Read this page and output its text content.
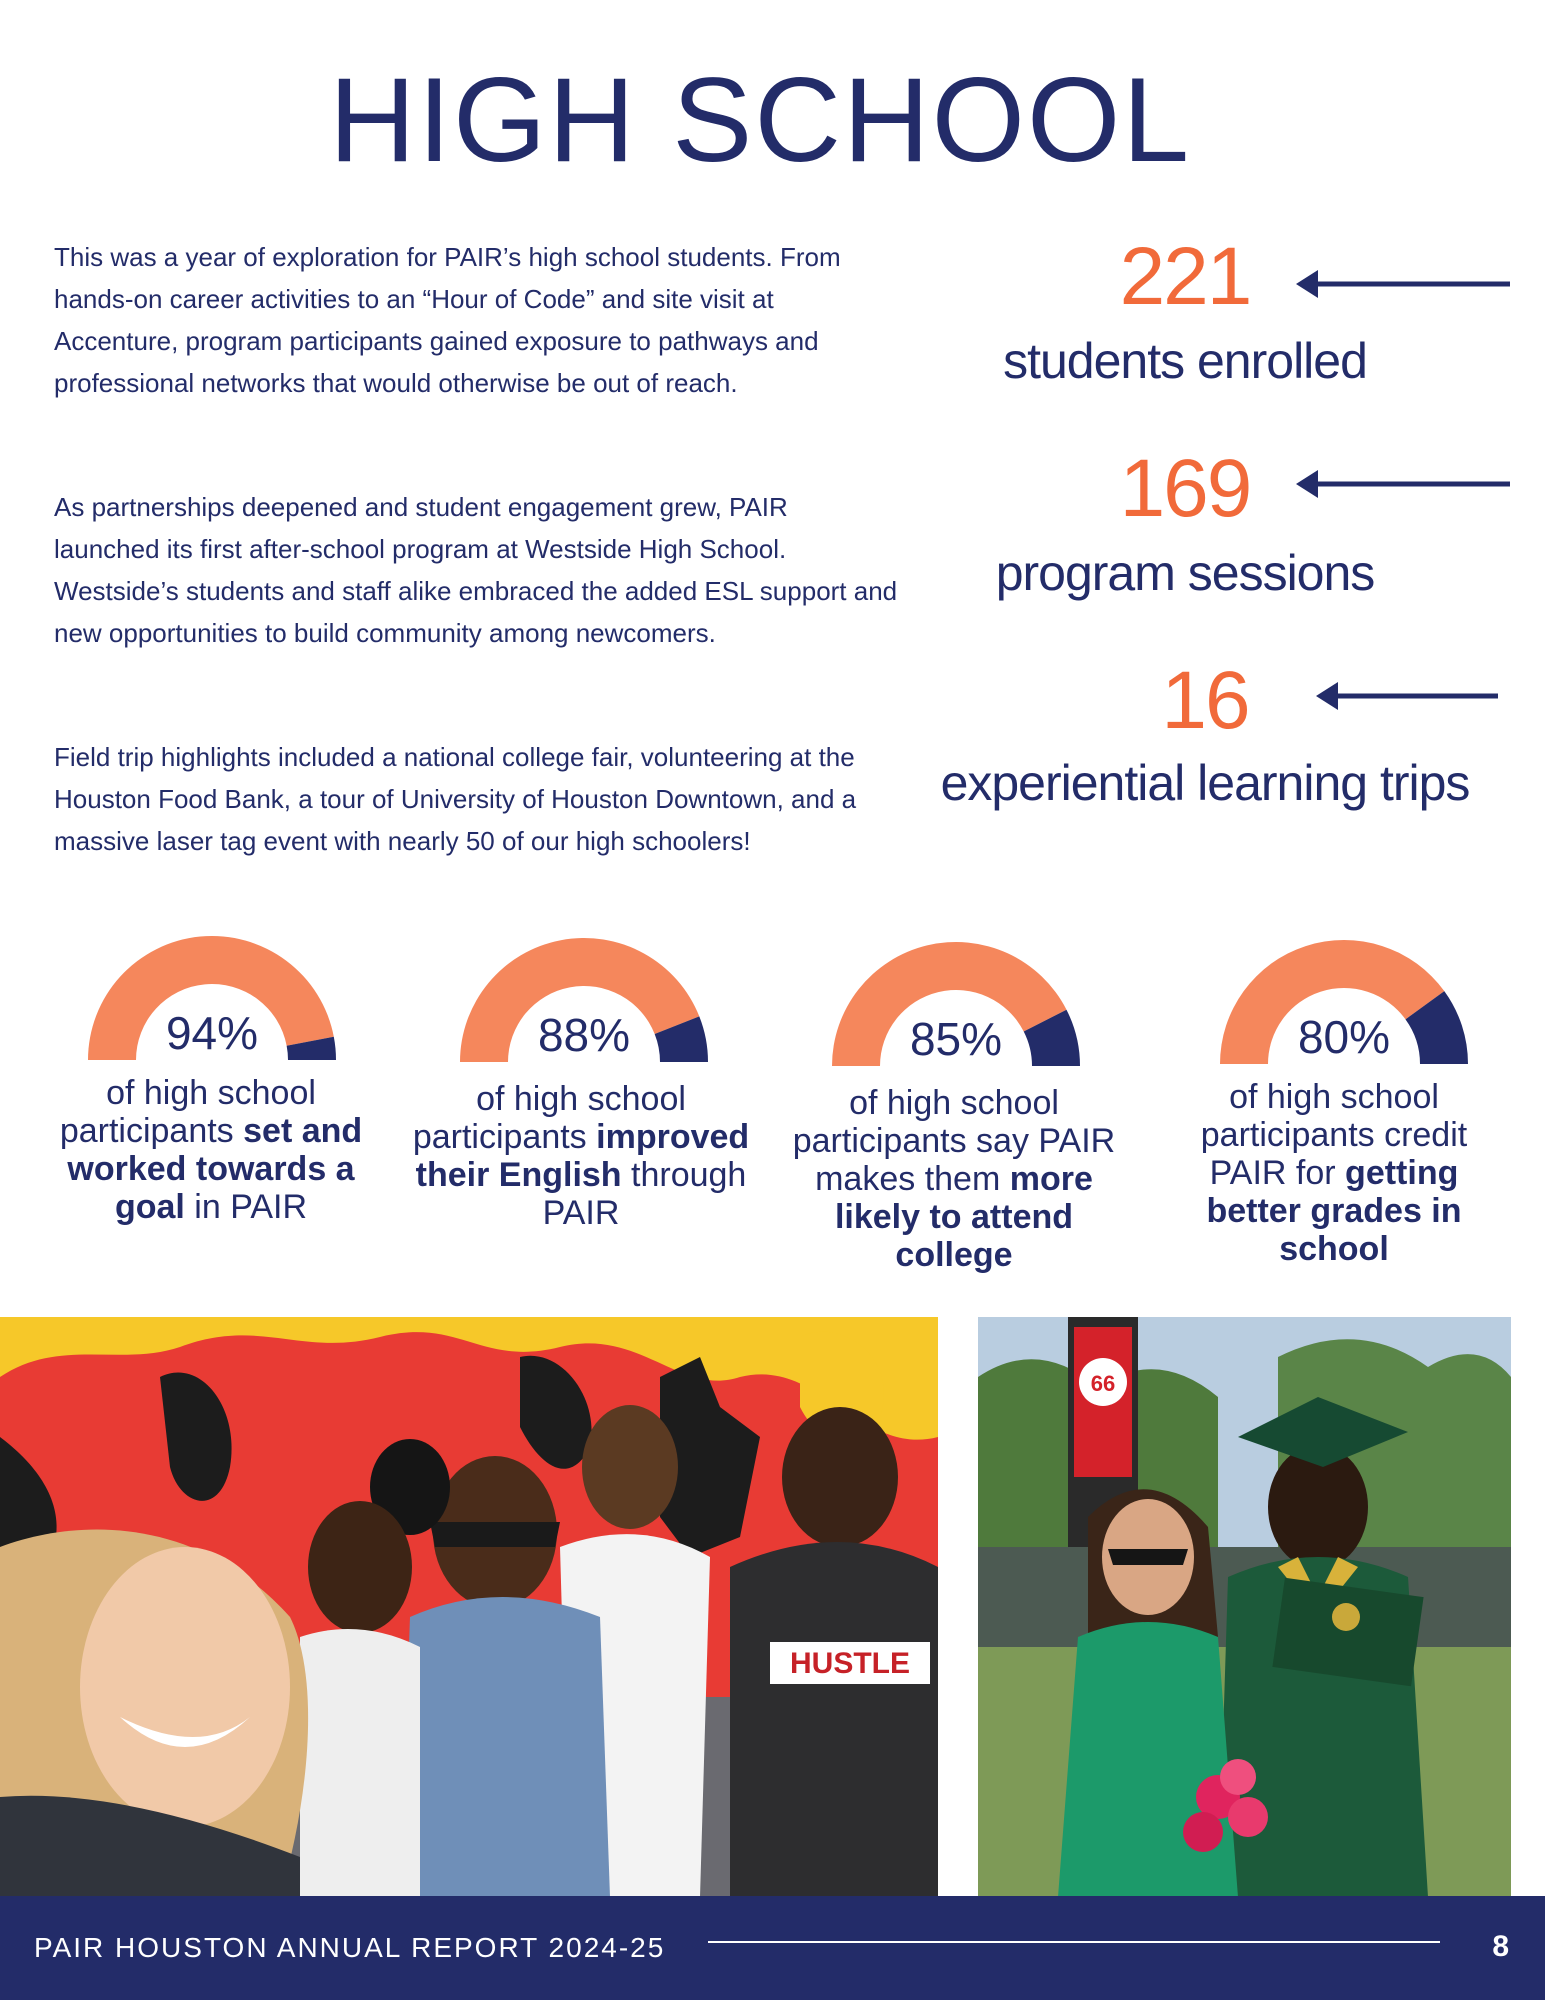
HIGH SCHOOL
This was a year of exploration for PAIR’s high school students. From hands-on career activities to an “Hour of Code” and site visit at Accenture, program participants gained exposure to pathways and professional networks that would otherwise be out of reach.
As partnerships deepened and student engagement grew, PAIR launched its first after-school program at Westside High School. Westside’s students and staff alike embraced the added ESL support and new opportunities to build community among newcomers.
Field trip highlights included a national college fair, volunteering at the Houston Food Bank, a tour of University of Houston Downtown, and a massive laser tag event with nearly 50 of our high schoolers!
221
students enrolled
169
program sessions
16
experiential learning trips
94%
of high school participants set and worked towards a goal in PAIR
88%
of high school participants improved their English through PAIR
85%
of high school participants say PAIR makes them more likely to attend college
80%
of high school participants credit PAIR for getting better grades in school
HUSTLE
66
PAIR HOUSTON ANNUAL REPORT 2024-25	8
